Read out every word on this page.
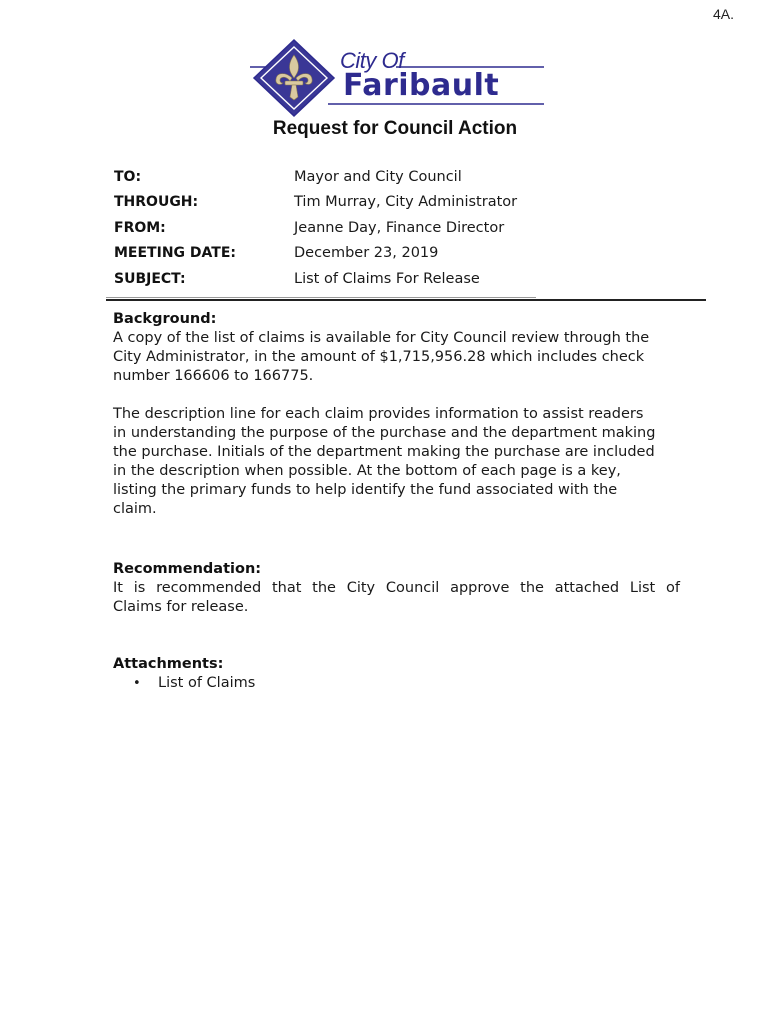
4A.
City Of
Faribault
Request for Council Action
TO:	Mayor and City Council
THROUGH:	Tim Murray, City Administrator
FROM:	Jeanne Day, Finance Director
MEETING DATE:	December 23, 2019
SUBJECT:	List of Claims For Release

Background:

A copy of the list of claims is available for City Council review through the
City Administrator, in the amount of $1,715,956.28 which includes check
number 166606 to 166775.

The description line for each claim provides information to assist readers
in understanding the purpose of the purchase and the department making
the purchase. Initials of the department making the purchase are included
in the description when possible. At the bottom of each page is a key,
listing the primary funds to help identify the fund associated with the
claim.

Recommendation:

It is recommended that the City Council approve the attached List of
Claims for release.

Attachments:

•	List of Claims
